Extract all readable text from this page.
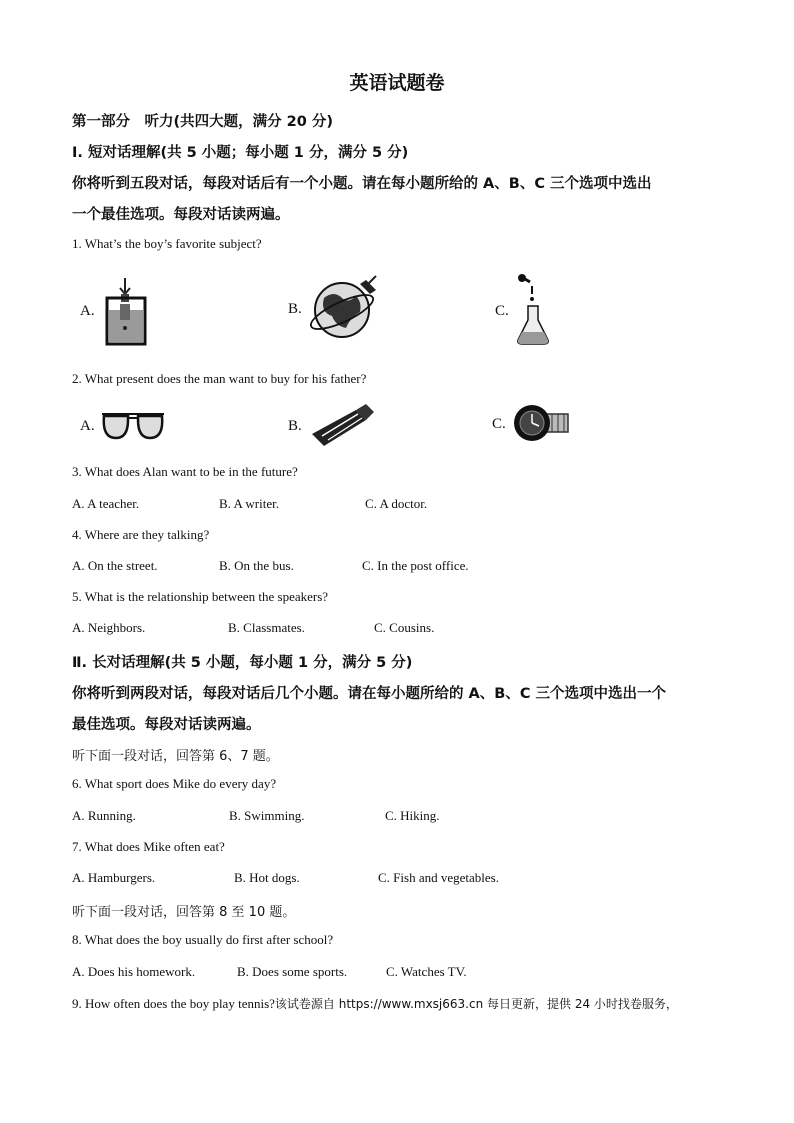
英语试题卷
第一部分　听力(共四大题，满分 20 分)
Ⅰ. 短对话理解(共 5 小题；每小题 1 分，满分 5 分)
你将听到五段对话，每段对话后有一个小题。请在每小题所给的 A、B、C 三个选项中选出
一个最佳选项。每段对话读两遍。
1. What’s the boy’s favorite subject?
A.	B.	C.
2. What present does the man want to buy for his father?
A.	B.	C.
3. What does Alan want to be in the future?
A. A teacher.	B. A writer.	C. A doctor.
4. Where are they talking?
A. On the street.	B. On the bus.	C. In the post office.
5. What is the relationship between the speakers?
A. Neighbors.	B. Classmates.	C. Cousins.
Ⅱ. 长对话理解(共 5 小题，每小题 1 分，满分 5 分)
你将听到两段对话，每段对话后几个小题。请在每小题所给的 A、B、C 三个选项中选出一个
最佳选项。每段对话读两遍。
听下面一段对话，回答第 6、7 题。
6. What sport does Mike do every day?
A. Running.	B. Swimming.	C. Hiking.
7. What does Mike often eat?
A. Hamburgers.	B. Hot dogs.	C. Fish and vegetables.
听下面一段对话，回答第 8 至 10 题。
8. What does the boy usually do first after school?
A. Does his homework.	B. Does some sports.	C. Watches TV.
9. How often does the boy play tennis?该试卷源自 https://www.mxsj663.cn 每日更新，提供 24 小时找卷服务，
